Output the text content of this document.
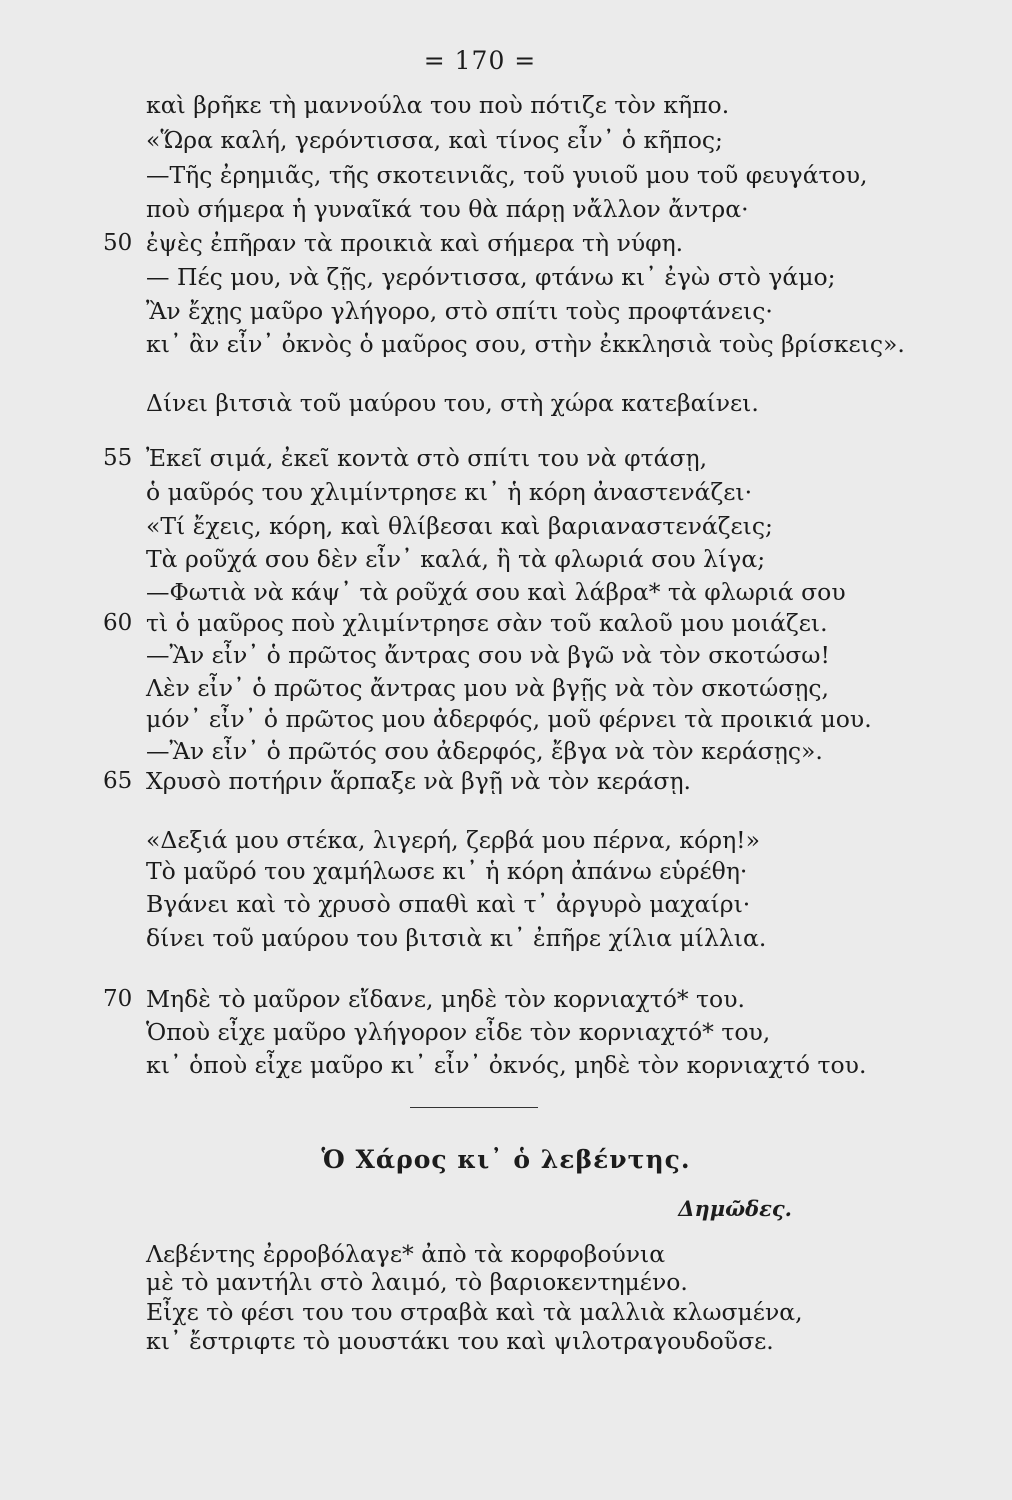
= 170 =
καὶ βρῆκε τὴ μαννούλα του ποὺ πότιζε τὸν κῆπο.
«Ὥρα καλή, γερόντισσα, καὶ τίνος εἶν᾿ ὁ κῆπος;
—Τῆς ἐρημιᾶς, τῆς σκοτεινιᾶς, τοῦ γυιοῦ μου τοῦ φευγάτου,
ποὺ σήμερα ἡ γυναῖκά του θὰ πάρῃ νἄλλον ἄντρα·
ἐψὲς ἐπῆραν τὰ προικιὰ καὶ σήμερα τὴ νύφη.
— Πές μου, νὰ ζῇς, γερόντισσα, φτάνω κι᾿ ἐγὼ στὸ γάμο;
Ἂν ἔχῃς μαῦρο γλήγορο, στὸ σπίτι τοὺς προφτάνεις·
κι᾿ ἂν εἶν᾿ ὀκνὸς ὁ μαῦρος σου, στὴν ἐκκλησιὰ τοὺς βρίσκεις».
Δίνει βιτσιὰ τοῦ μαύρου του, στὴ χώρα κατεβαίνει.
Ἐκεῖ σιμά, ἐκεῖ κοντὰ στὸ σπίτι του νὰ φτάσῃ,
ὁ μαῦρός του χλιμίντρησε κι᾿ ἡ κόρη ἀναστενάζει·
«Τί ἔχεις, κόρη, καὶ θλίβεσαι καὶ βαριαναστενάζεις;
Τὰ ροῦχά σου δὲν εἶν᾿ καλά, ἢ τὰ φλωριά σου λίγα;
—Φωτιὰ νὰ κάψ᾿ τὰ ροῦχά σου καὶ λάβρα* τὰ φλωριά σου
τὶ ὁ μαῦρος ποὺ χλιμίντρησε σὰν τοῦ καλοῦ μου μοιάζει.
—Ἂν εἶν᾿ ὁ πρῶτος ἄντρας σου νὰ βγῶ νὰ τὸν σκοτώσω!
Λὲν εἶν᾿ ὁ πρῶτος ἄντρας μου νὰ βγῇς νὰ τὸν σκοτώσῃς,
μόν᾿ εἶν᾿ ὁ πρῶτος μου ἀδερφός, μοῦ φέρνει τὰ προικιά μου.
—Ἂν εἶν᾿ ὁ πρῶτός σου ἀδερφός, ἔβγα νὰ τὸν κεράσῃς».
Χρυσὸ ποτήριν ἅρπαξε νὰ βγῇ νὰ τὸν κεράσῃ.
«Δεξιά μου στέκα, λιγερή, ζερβά μου πέρνα, κόρη!»
Τὸ μαῦρό του χαμήλωσε κι᾿ ἡ κόρη ἀπάνω εὑρέθη·
Βγάνει καὶ τὸ χρυσὸ σπαθὶ καὶ τ᾿ ἀργυρὸ μαχαίρι·
δίνει τοῦ μαύρου του βιτσιὰ κι᾿ ἐπῆρε χίλια μίλλια.
Μηδὲ τὸ μαῦρον εἴδανε, μηδὲ τὸν κορνιαχτό* του.
Ὁποὺ εἶχε μαῦρο γλήγορον εἶδε τὸν κορνιαχτό* του,
κι᾿ ὁποὺ εἶχε μαῦρο κι᾿ εἶν᾿ ὀκνός, μηδὲ τὸν κορνιαχτό του.
50
55
60
65
70
Ὁ Χάρος κι᾿ ὁ λεβέντης.
Δημῶδες.
Λεβέντης ἐρροβόλαγε* ἀπὸ τὰ κορφοβούνια
μὲ τὸ μαντήλι στὸ λαιμό, τὸ βαριοκεντημένο.
Εἶχε τὸ φέσι του του στραβὰ καὶ τὰ μαλλιὰ κλωσμένα,
κι᾿ ἔστριφτε τὸ μουστάκι του καὶ ψιλοτραγουδοῦσε.
